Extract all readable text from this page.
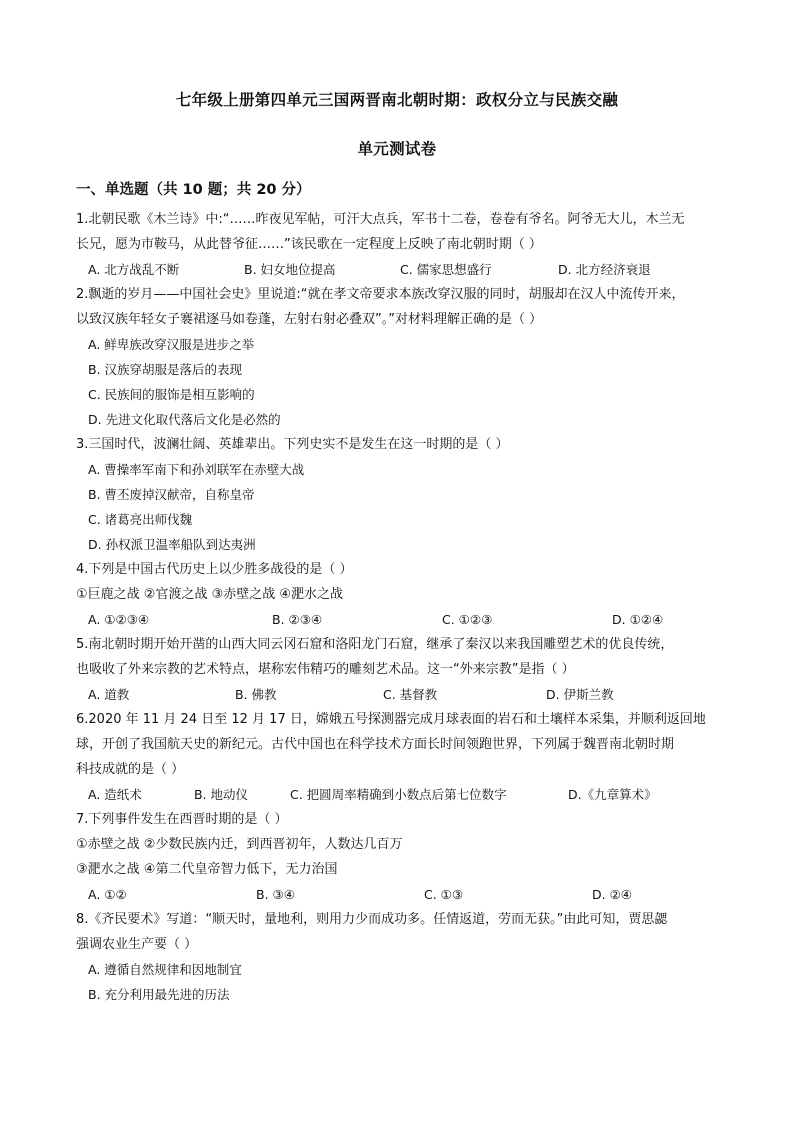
七年级上册第四单元三国两晋南北朝时期：政权分立与民族交融
单元测试卷
一、单选题（共 10 题；共 20 分）
1.北朝民歌《木兰诗》中:“……昨夜见军帖，可汗大点兵，军书十二卷，卷卷有爷名。阿爷无大儿，木兰无
长兄，愿为市鞍马，从此替爷征……”该民歌在一定程度上反映了南北朝时期（ ）
A. 北方战乱不断	B. 妇女地位提高	C. 儒家思想盛行	D. 北方经济衰退
2.飘逝的岁月——中国社会史》里说道:“就在孝文帝要求本族改穿汉服的同时，胡服却在汉人中流传开来，
以致汉族年轻女子褰裙逐马如卷蓬，左射右射必叠双”。”对材料理解正确的是（ ）
A. 鲜卑族改穿汉服是进步之举
B. 汉族穿胡服是落后的表现
C. 民族间的服饰是相互影响的
D. 先进文化取代落后文化是必然的
3.三国时代，波澜壮阔、英雄辈出。下列史实不是发生在这一时期的是（ ）
A. 曹操率军南下和孙刘联军在赤壁大战
B. 曹丕废掉汉献帝，自称皇帝
C. 诸葛亮出师伐魏
D. 孙权派卫温率船队到达夷洲
4.下列是中国古代历史上以少胜多战役的是（ ）
①巨鹿之战 ②官渡之战 ③赤壁之战 ④淝水之战
A. ①②③④	B. ②③④	C. ①②③	D. ①②④
5.南北朝时期开始开凿的山西大同云冈石窟和洛阳龙门石窟，继承了秦汉以来我国雕塑艺术的优良传统，
也吸收了外来宗教的艺术特点，堪称宏伟精巧的雕刻艺术品。这一“外来宗教”是指（ ）
A. 道教	B. 佛教	C. 基督教	D. 伊斯兰教
6.2020 年 11 月 24 日至 12 月 17 日，嫦娥五号探测器完成月球表面的岩石和土壤样本采集，并顺利返回地
球，开创了我国航天史的新纪元。古代中国也在科学技术方面长时间领跑世界，下列属于魏晋南北朝时期
科技成就的是（ ）
A. 造纸术	B. 地动仪	C. 把圆周率精确到小数点后第七位数字	D.《九章算术》
7.下列事件发生在西晋时期的是（ ）
①赤壁之战 ②少数民族内迁，到西晋初年，人数达几百万
③淝水之战 ④第二代皇帝智力低下，无力治国
A. ①②	B. ③④	C. ①③	D. ②④
8.《齐民要术》写道：“顺天时，量地利，则用力少而成功多。任情返道，劳而无获。”由此可知，贾思勰
强调农业生产要（ ）
A. 遵循自然规律和因地制宜
B. 充分利用最先进的历法
